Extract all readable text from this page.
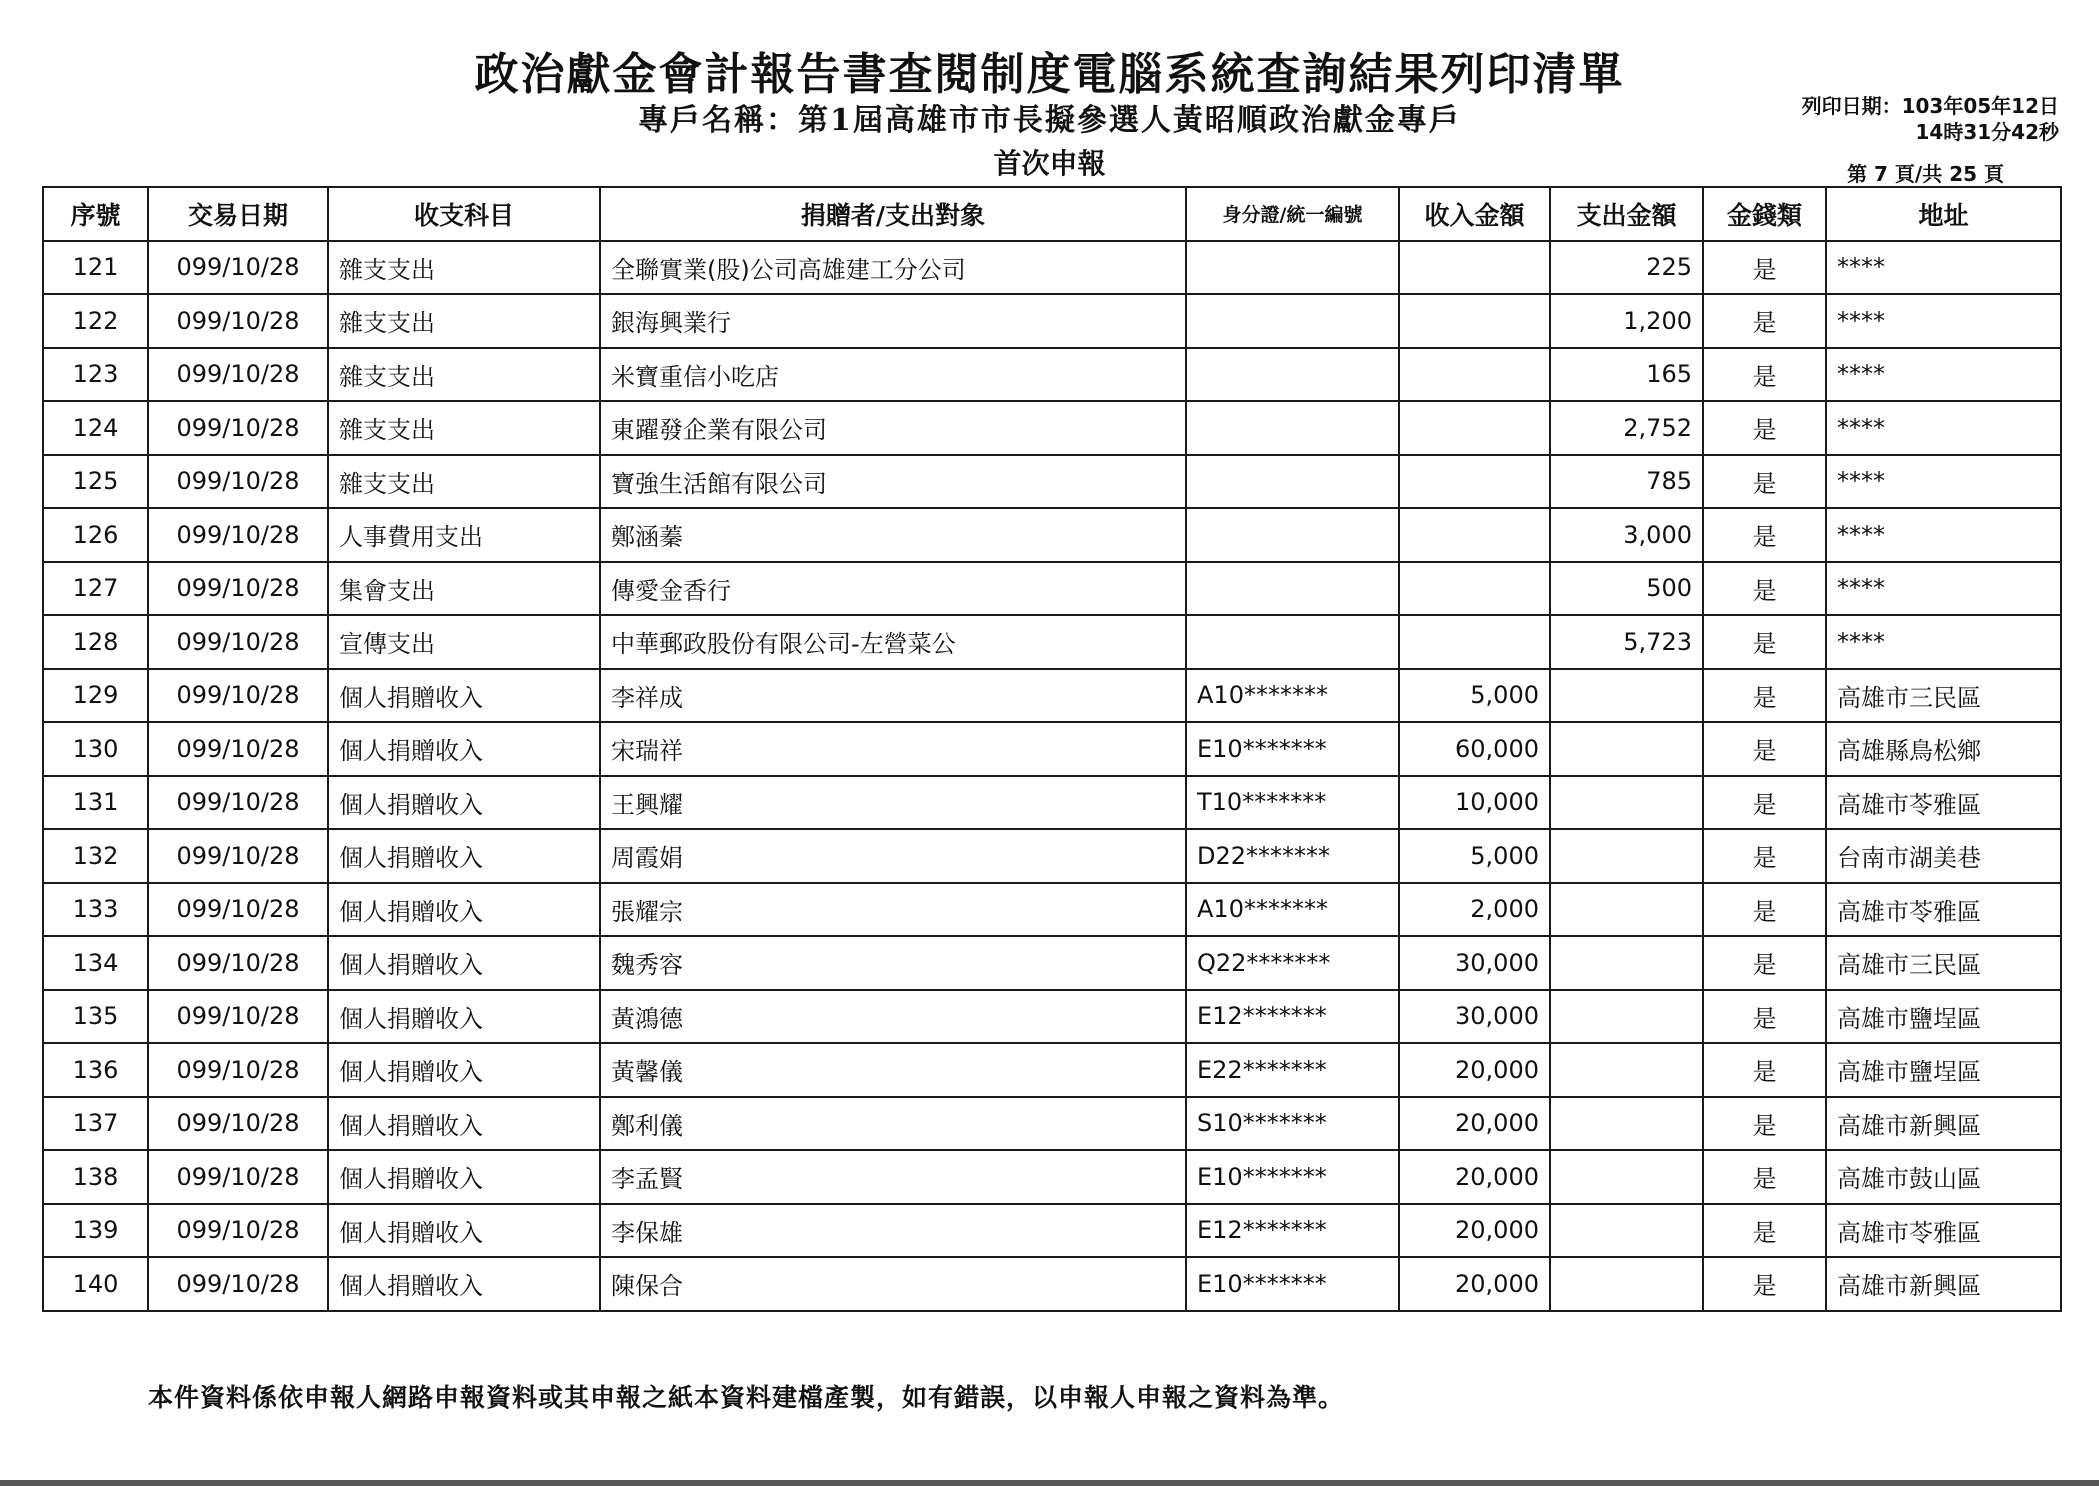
政治獻金會計報告書查閱制度電腦系統查詢結果列印清單
專戶名稱：第1屆高雄市市長擬參選人黃昭順政治獻金專戶
首次申報
列印日期：103年05年12日
14時31分42秒
第 7 頁/共 25 頁
序號	交易日期	收支科目	捐贈者/支出對象	身分證/統一編號	收入金額	支出金額	金錢類	地址
121	099/10/28	雜支支出	全聯實業(股)公司高雄建工分公司			225	是	****
122	099/10/28	雜支支出	銀海興業行			1,200	是	****
123	099/10/28	雜支支出	米寶重信小吃店			165	是	****
124	099/10/28	雜支支出	東躍發企業有限公司			2,752	是	****
125	099/10/28	雜支支出	寶強生活館有限公司			785	是	****
126	099/10/28	人事費用支出	鄭涵蓁			3,000	是	****
127	099/10/28	集會支出	傳愛金香行			500	是	****
128	099/10/28	宣傳支出	中華郵政股份有限公司-左營菜公			5,723	是	****
129	099/10/28	個人捐贈收入	李祥成	A10*******	5,000		是	高雄市三民區
130	099/10/28	個人捐贈收入	宋瑞祥	E10*******	60,000		是	高雄縣鳥松鄉
131	099/10/28	個人捐贈收入	王興耀	T10*******	10,000		是	高雄市苓雅區
132	099/10/28	個人捐贈收入	周霞娟	D22*******	5,000		是	台南市湖美巷
133	099/10/28	個人捐贈收入	張耀宗	A10*******	2,000		是	高雄市苓雅區
134	099/10/28	個人捐贈收入	魏秀容	Q22*******	30,000		是	高雄市三民區
135	099/10/28	個人捐贈收入	黃鴻德	E12*******	30,000		是	高雄市鹽埕區
136	099/10/28	個人捐贈收入	黃馨儀	E22*******	20,000		是	高雄市鹽埕區
137	099/10/28	個人捐贈收入	鄭利儀	S10*******	20,000		是	高雄市新興區
138	099/10/28	個人捐贈收入	李孟賢	E10*******	20,000		是	高雄市鼓山區
139	099/10/28	個人捐贈收入	李保雄	E12*******	20,000		是	高雄市苓雅區
140	099/10/28	個人捐贈收入	陳保合	E10*******	20,000		是	高雄市新興區
本件資料係依申報人網路申報資料或其申報之紙本資料建檔產製，如有錯誤，以申報人申報之資料為準。
